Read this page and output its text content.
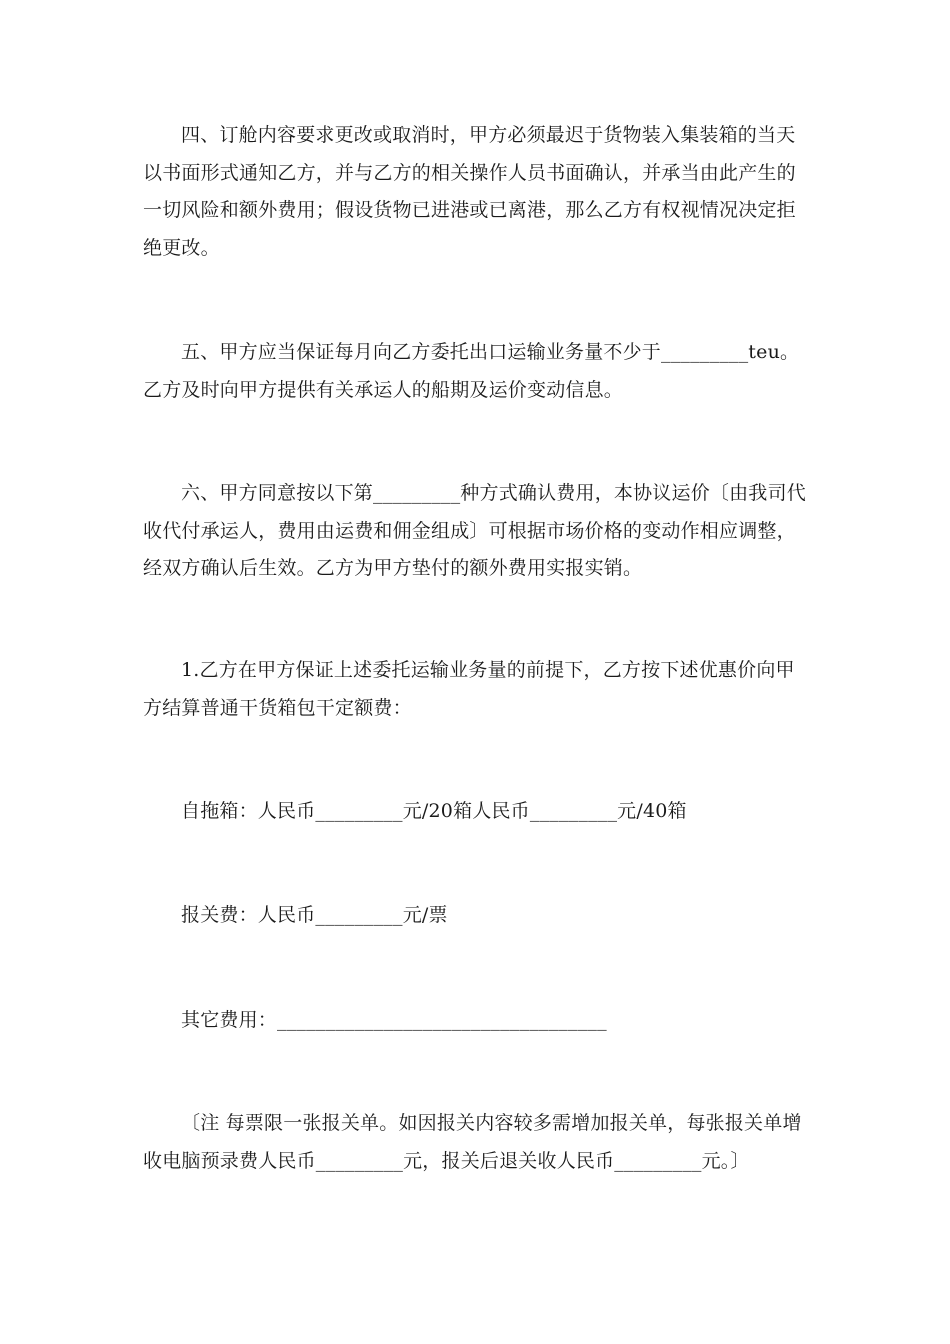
四、订舱内容要求更改或取消时，甲方必须最迟于货物装入集装箱的当天以书面形式通知乙方，并与乙方的相关操作人员书面确认，并承当由此产生的一切风险和额外费用；假设货物已进港或已离港，那么乙方有权视情况决定拒绝更改。

五、甲方应当保证每月向乙方委托出口运输业务量不少于_________teu。乙方及时向甲方提供有关承运人的船期及运价变动信息。

六、甲方同意按以下第_________种方式确认费用，本协议运价〔由我司代收代付承运人，费用由运费和佣金组成〕可根据市场价格的变动作相应调整，经双方确认后生效。乙方为甲方垫付的额外费用实报实销。

1.乙方在甲方保证上述委托运输业务量的前提下，乙方按下述优惠价向甲方结算普通干货箱包干定额费：

自拖箱：人民币_________元/20箱人民币_________元/40箱

报关费：人民币_________元/票

其它费用：__________________________________

〔注 每票限一张报关单。如因报关内容较多需增加报关单，每张报关单增收电脑预录费人民币_________元，报关后退关收人民币_________元。〕
